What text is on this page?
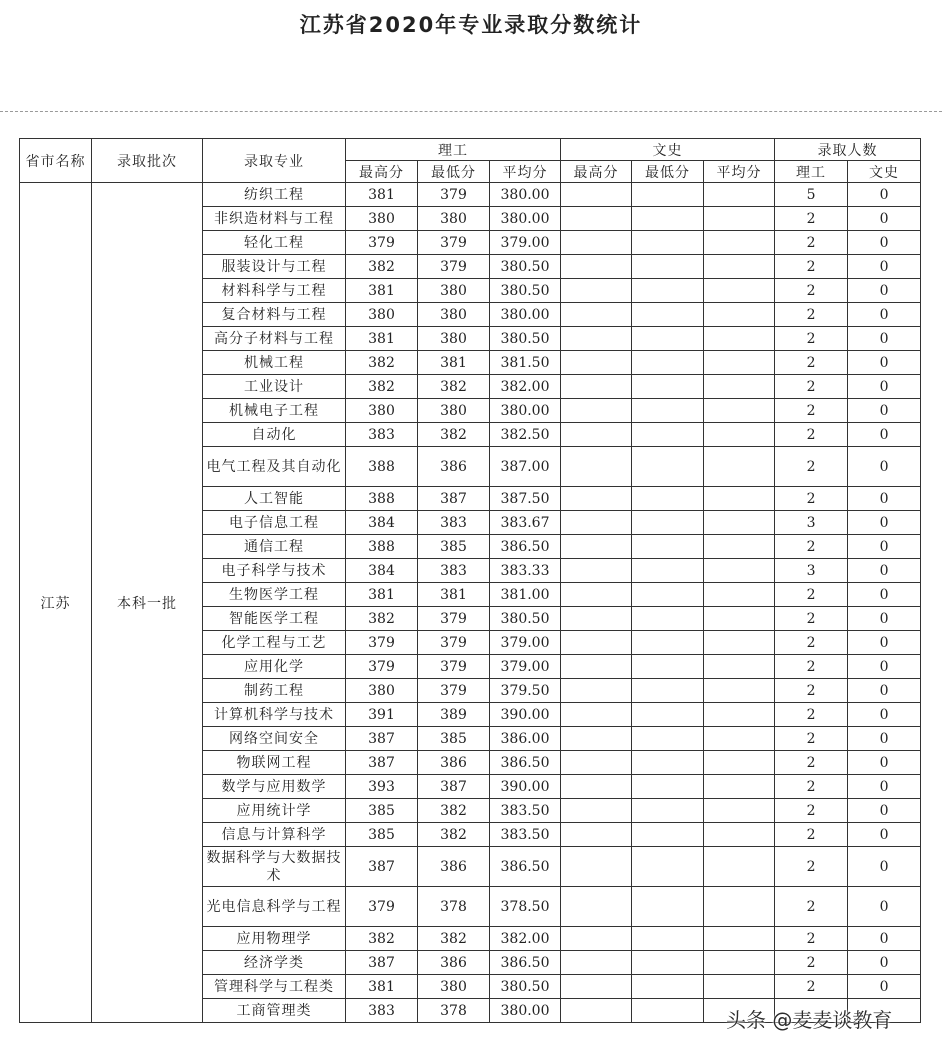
江苏省2020年专业录取分数统计
省市名称	录取批次	录取专业	理工			文史			录取人数	
			最高分	最低分	平均分	最高分	最低分	平均分	理工	文史
江苏	本科一批	纺织工程	381	379	380.00				5	0
		非织造材料与工程	380	380	380.00				2	0
		轻化工程	379	379	379.00				2	0
		服装设计与工程	382	379	380.50				2	0
		材料科学与工程	381	380	380.50				2	0
		复合材料与工程	380	380	380.00				2	0
		高分子材料与工程	381	380	380.50				2	0
		机械工程	382	381	381.50				2	0
		工业设计	382	382	382.00				2	0
		机械电子工程	380	380	380.00				2	0
		自动化	383	382	382.50				2	0
		电气工程及其自动化	388	386	387.00				2	0
		人工智能	388	387	387.50				2	0
		电子信息工程	384	383	383.67				3	0
		通信工程	388	385	386.50				2	0
		电子科学与技术	384	383	383.33				3	0
		生物医学工程	381	381	381.00				2	0
		智能医学工程	382	379	380.50				2	0
		化学工程与工艺	379	379	379.00				2	0
		应用化学	379	379	379.00				2	0
		制药工程	380	379	379.50				2	0
		计算机科学与技术	391	389	390.00				2	0
		网络空间安全	387	385	386.00				2	0
		物联网工程	387	386	386.50				2	0
		数学与应用数学	393	387	390.00				2	0
		应用统计学	385	382	383.50				2	0
		信息与计算科学	385	382	383.50				2	0
		数据科学与大数据技术	387	386	386.50				2	0
		光电信息科学与工程	379	378	378.50				2	0
		应用物理学	382	382	382.00				2	0
		经济学类	387	386	386.50				2	0
		管理科学与工程类	381	380	380.50				2	0
		工商管理类	383	378	380.00						头条 @麦麦谈教育
